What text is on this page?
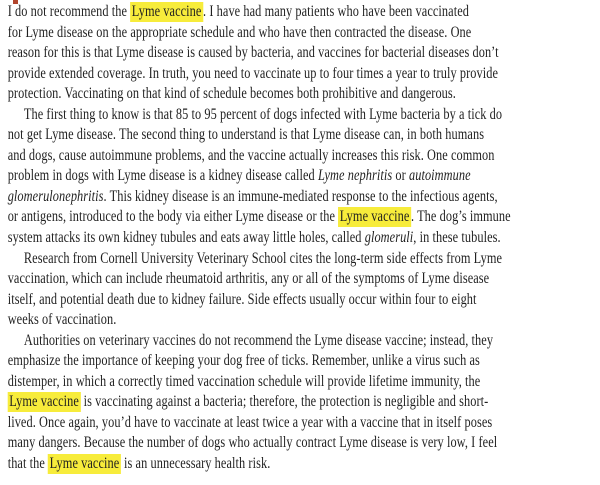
I do not recommend the Lyme vaccine. I have had many patients who have been vaccinated
for Lyme disease on the appropriate schedule and who have then contracted the disease. One
reason for this is that Lyme disease is caused by bacteria, and vaccines for bacterial diseases don’t
provide extended coverage. In truth, you need to vaccinate up to four times a year to truly provide
protection. Vaccinating on that kind of schedule becomes both prohibitive and dangerous.
The first thing to know is that 85 to 95 percent of dogs infected with Lyme bacteria by a tick do
not get Lyme disease. The second thing to understand is that Lyme disease can, in both humans
and dogs, cause autoimmune problems, and the vaccine actually increases this risk. One common
problem in dogs with Lyme disease is a kidney disease called Lyme nephritis or autoimmune
glomerulonephritis. This kidney disease is an immune-mediated response to the infectious agents,
or antigens, introduced to the body via either Lyme disease or the Lyme vaccine. The dog’s immune
system attacks its own kidney tubules and eats away little holes, called glomeruli, in these tubules.
Research from Cornell University Veterinary School cites the long-term side effects from Lyme
vaccination, which can include rheumatoid arthritis, any or all of the symptoms of Lyme disease
itself, and potential death due to kidney failure. Side effects usually occur within four to eight
weeks of vaccination.
Authorities on veterinary vaccines do not recommend the Lyme disease vaccine; instead, they
emphasize the importance of keeping your dog free of ticks. Remember, unlike a virus such as
distemper, in which a correctly timed vaccination schedule will provide lifetime immunity, the
Lyme vaccine is vaccinating against a bacteria; therefore, the protection is negligible and short-
lived. Once again, you’d have to vaccinate at least twice a year with a vaccine that in itself poses
many dangers. Because the number of dogs who actually contract Lyme disease is very low, I feel
that the Lyme vaccine is an unnecessary health risk.
